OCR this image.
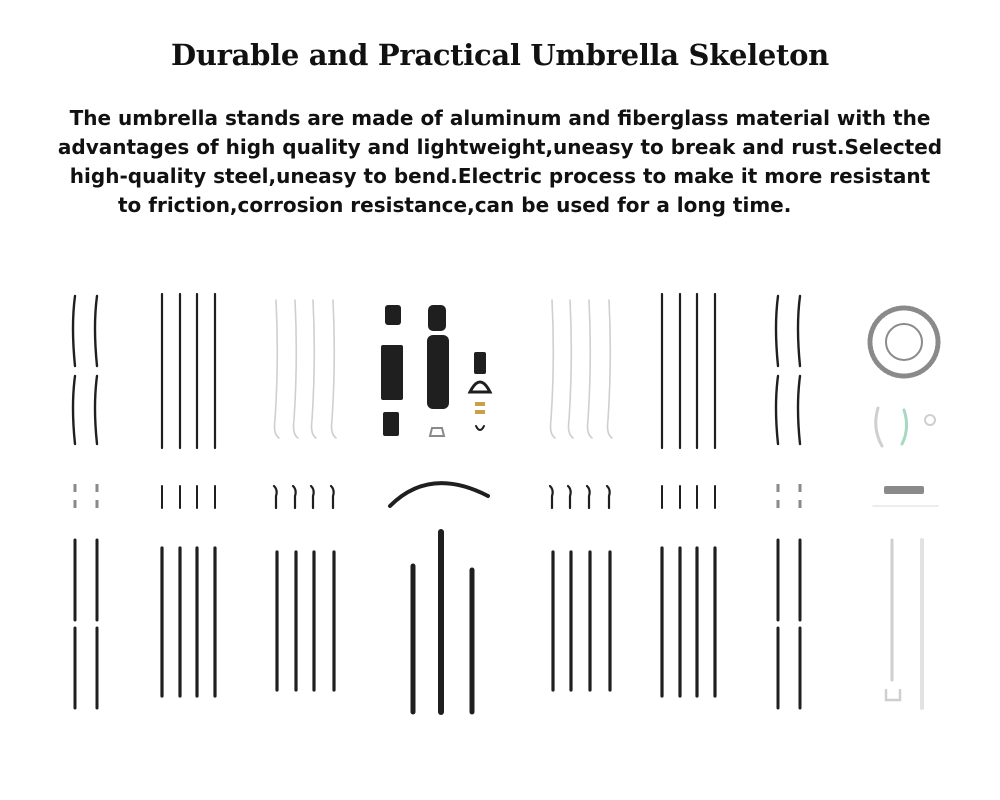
Durable and Practical Umbrella Skeleton
The umbrella stands are made of aluminum and fiberglass material with the
advantages of high quality and lightweight,uneasy to break and rust.Selected
high-quality steel,uneasy to bend.Electric process to make it more resistant
to friction,corrosion resistance,can be used for a long time.
